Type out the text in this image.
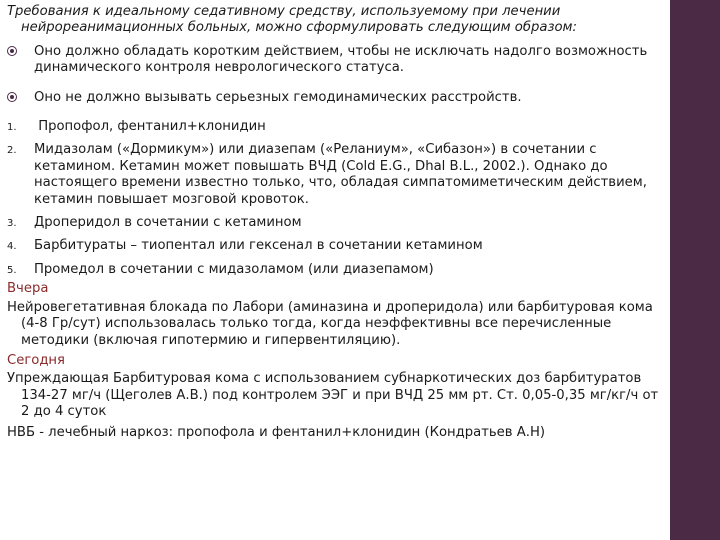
Требования к идеальному седативному средству, используемому при лечении нейрореанимационных больных, можно сформулировать следующим образом:

Оно должно обладать коротким действием, чтобы не исключать надолго возможность динамического контроля неврологического статуса.
Оно не должно вызывать серьезных гемодинамических расстройств.
1. Пропофол, фентанил+клонидин
2. Мидазолам («Дормикум») или диазепам («Реланиум», «Сибазон») в сочетании с кетамином. Кетамин может повышать ВЧД (Cold E.G., Dhal B.L., 2002.). Однако до настоящего времени известно только, что, обладая симпатомиметическим действием, кетамин повышает мозговой кровоток.
3. Дроперидол в сочетании с кетамином
4. Барбитураты – тиопентал или гексенал в сочетании кетамином
5. Промедол в сочетании с мидазоламом (или диазепамом)
Вчера

Нейровегетативная блокада по Лабори (аминазина и дроперидола) или барбитуровая кома (4-8 Гр/сут) использовалась только тогда, когда неэффективны все перечисленные методики (включая гипотермию и гипервентиляцию).

Сегодня

Упреждающая Барбитуровая кома с использованием субнаркотических доз барбитуратов 134-27 мг/ч (Щеголев А.В.) под контролем ЭЭГ и при ВЧД 25 мм рт. Ст. 0,05-0,35 мг/кг/ч от 2 до 4 суток

НВБ - лечебный наркоз: пропофола и фентанил+клонидин (Кондратьев А.Н)
